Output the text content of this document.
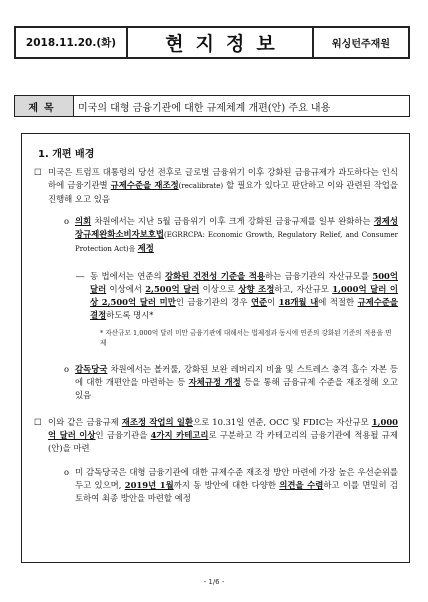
2018.11.20.(화)	현지정보	워싱턴주재원
제목	미국의 대형 금융기관에 대한 규제체계 개편(안) 주요 내용
1. 개편 배경
☐ 미국은 트럼프 대통령의 당선 전후로 글로벌 금융위기 이후 강화된 금융규제가 과도하다는 인식하에 금융기관별 규제수준을 재조정(recalibrate) 할 필요가 있다고 판단하고 이와 관련된 작업을 진행해 오고 있음
o 의회 차원에서는 지난 5월 금융위기 이후 크게 강화된 금융규제를 일부 완화하는 경제성장규제완화소비자보호법(EGRRCPA: Economic Growth, Regulatory Relief, and Consumer Protection Act)을 제정
― 동 법에서는 연준의 강화된 건전성 기준을 적용하는 금융기관의 자산규모를 500억 달러 이상에서 2,500억 달러 이상으로 상향 조정하고, 자산규모 1,000억 달러 이상 2,500억 달러 미만인 금융기관의 경우 연준이 18개월 내에 적절한 규제수준을 결정하도록 명시*
* 자산규모 1,000억 달러 미만 금융기관에 대해서는 법제정과 동시에 연준의 강화된 기준의 적용을 면제
o 감독당국 차원에서는 볼커룰, 강화된 보완 레버리지 비율 및 스트레스 충격 흡수 자본 등에 대한 개편안을 마련하는 등 자체규정 개정 등을 통해 금융규제 수준을 재조정해 오고 있음
☐ 이와 같은 금융규제 재조정 작업의 일환으로 10.31일 연준, OCC 및 FDIC는 자산규모 1,000억 달러 이상인 금융기관을 4가지 카테고리로 구분하고 각 카테고리의 금융기관에 적용될 규제(안)을 마련
o 미 감독당국은 대형 금융기관에 대한 규제수준 재조정 방안 마련에 가장 높은 우선순위를 두고 있으며, 2019년 1월까지 동 방안에 대한 다양한 의견을 수렴하고 이를 면밀히 검토하여 최종 방안을 마련할 예정
- 1/6 -
